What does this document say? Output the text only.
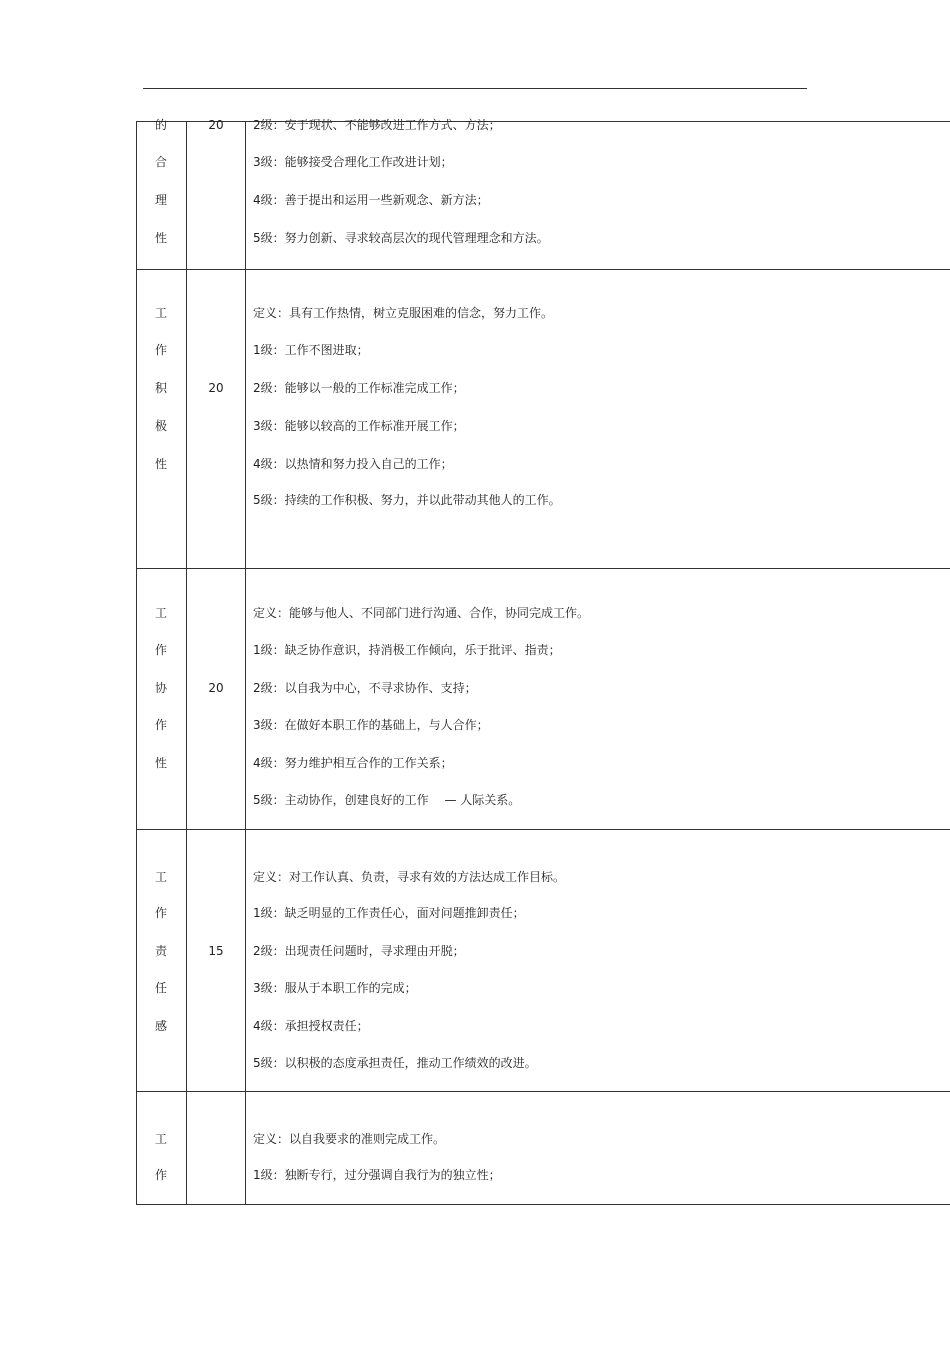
的
合
理
性
20	2级：安于现状、不能够改进工作方式、方法；
3级：能够接受合理化工作改进计划；
4级：善于提出和运用一些新观念、新方法；
5级：努力创新、寻求较高层次的现代管理理念和方法。
工
作
积
极
性
20
定义：具有工作热情，树立克服困难的信念，努力工作。
1级：工作不图进取；
2级：能够以一般的工作标准完成工作；
3级：能够以较高的工作标准开展工作；
4级：以热情和努力投入自己的工作；
5级：持续的工作积极、努力，并以此带动其他人的工作。
工
作
协
作
性
20
定义：能够与他人、不同部门进行沟通、合作，协同完成工作。
1级：缺乏协作意识，持消极工作倾向，乐于批评、指责；
2级：以自我为中心，不寻求协作、支持；
3级：在做好本职工作的基础上，与人合作；
4级：努力维护相互合作的工作关系；
5级：主动协作，创建良好的工作　 — 人际关系。
工
作
责
任
感
15
定义：对工作认真、负责，寻求有效的方法达成工作目标。
1级：缺乏明显的工作责任心，面对问题推卸责任；
2级：出现责任问题时，寻求理由开脱；
3级：服从于本职工作的完成；
4级：承担授权责任；
5级：以积极的态度承担责任，推动工作绩效的改进。
工
作
定义：以自我要求的准则完成工作。
1级：独断专行，过分强调自我行为的独立性；
